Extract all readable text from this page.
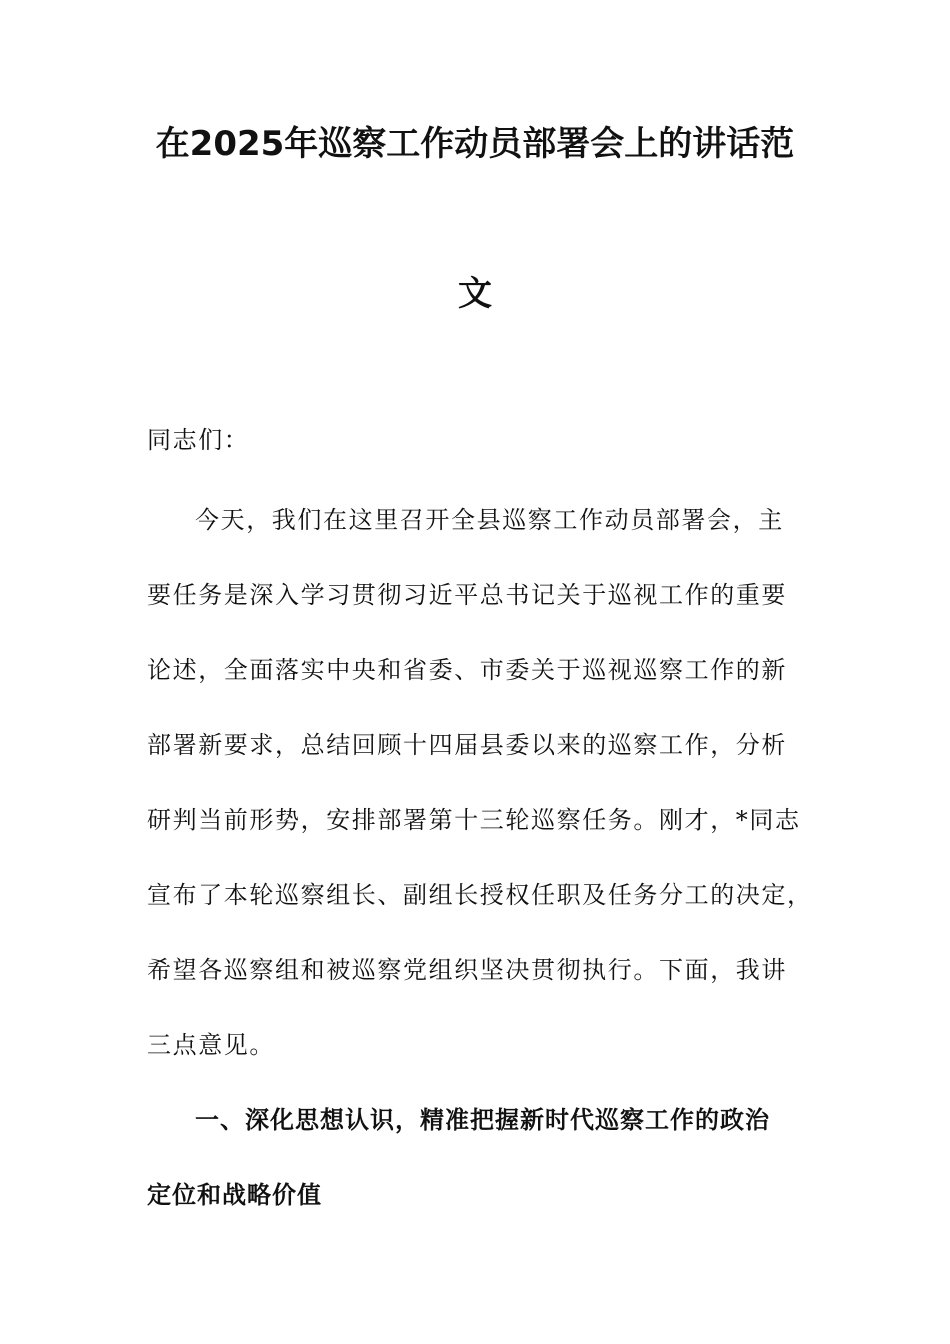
在2025年巡察工作动员部署会上的讲话范
文

同志们：

今天，我们在这里召开全县巡察工作动员部署会，主

要任务是深入学习贯彻习近平总书记关于巡视工作的重要

论述，全面落实中央和省委、市委关于巡视巡察工作的新

部署新要求，总结回顾十四届县委以来的巡察工作，分析

研判当前形势，安排部署第十三轮巡察任务。刚才，*同志

宣布了本轮巡察组长、副组长授权任职及任务分工的决定，

希望各巡察组和被巡察党组织坚决贯彻执行。下面，我讲

三点意见。

一、深化思想认识，精准把握新时代巡察工作的政治

定位和战略价值
